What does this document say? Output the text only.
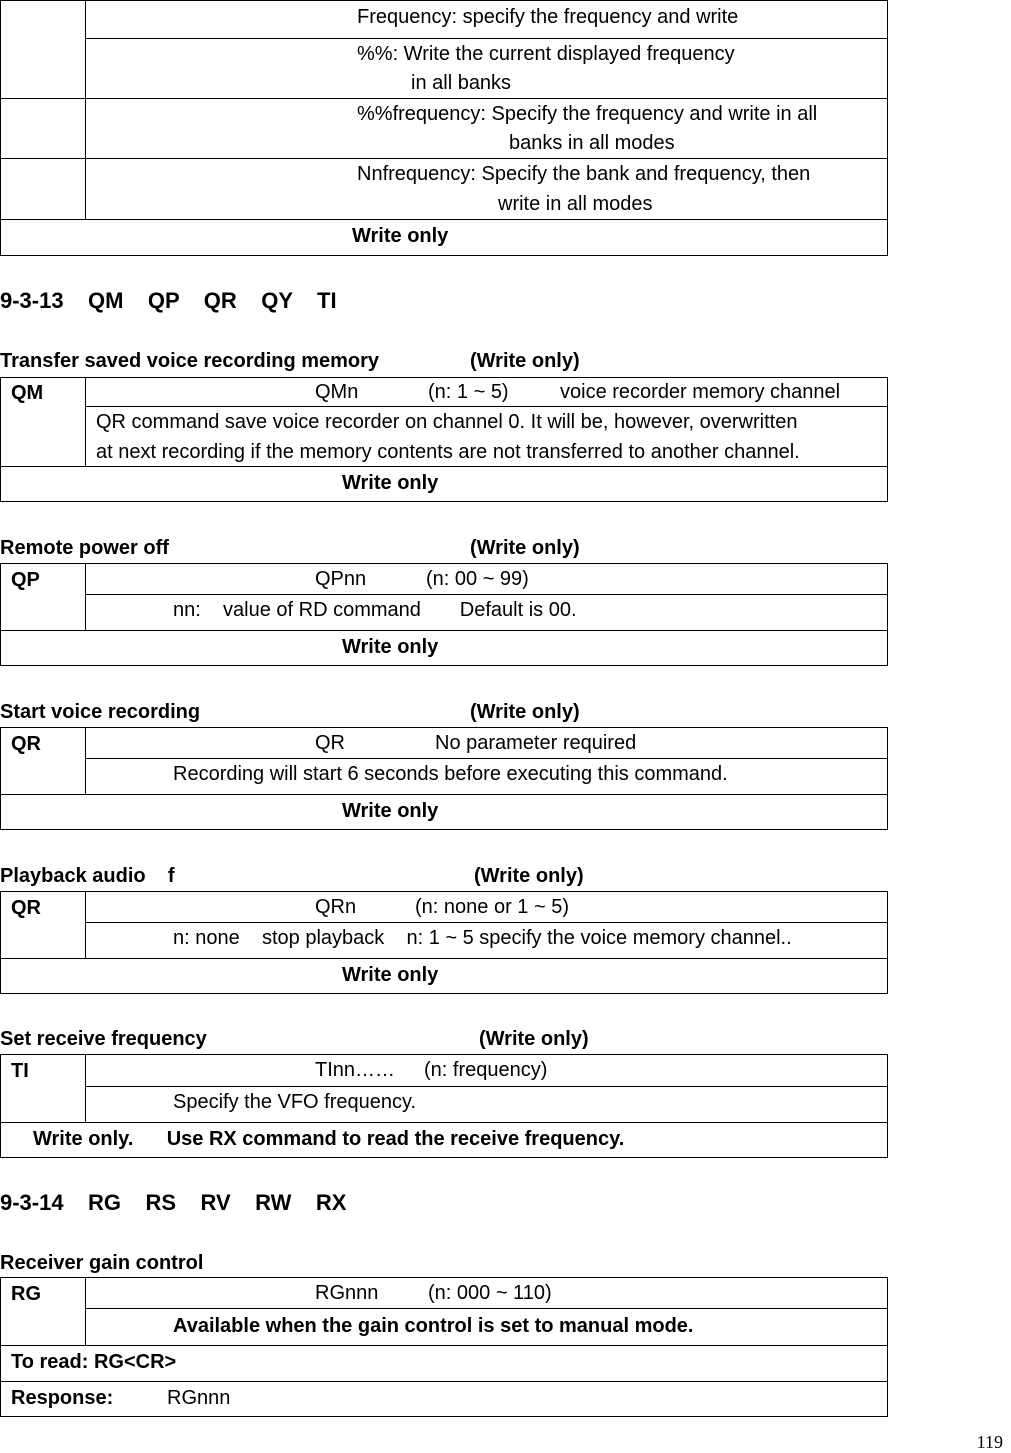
Frequency: specify the frequency and write
%%: Write the current displayed frequency
in all banks
%%frequency: Specify the frequency and write in all
banks in all modes
Nnfrequency: Specify the bank and frequency, then
write in all modes
Write only
9-3-13    QM    QP    QR    QY    TI
Transfer saved voice recording memory	(Write only)
QM	QMn	(n: 1 ~ 5)	voice recorder memory channel
QR command save voice recorder on channel 0. It will be, however, overwritten
at next recording if the memory contents are not transferred to another channel.
Write only
Remote power off	(Write only)
QP	QPnn	(n: 00 ~ 99)
nn:    value of RD command       Default is 00.
Write only
Start voice recording	(Write only)
QR	QR	No parameter required
Recording will start 6 seconds before executing this command.
Write only
Playback audio    f	(Write only)
QR	QRn	(n: none or 1 ~ 5)
n: none    stop playback    n: 1 ~ 5 specify the voice memory channel..
Write only
Set receive frequency	(Write only)
TI	TInn…… (n: frequency)
Specify the VFO frequency.
Write only.      Use RX command to read the receive frequency.
9-3-14    RG    RS    RV    RW    RX
Receiver gain control
RG	RGnnn (n: 000 ~ 110)
Available when the gain control is set to manual mode.
To read: RG<CR>
Response:	RGnnn
119
